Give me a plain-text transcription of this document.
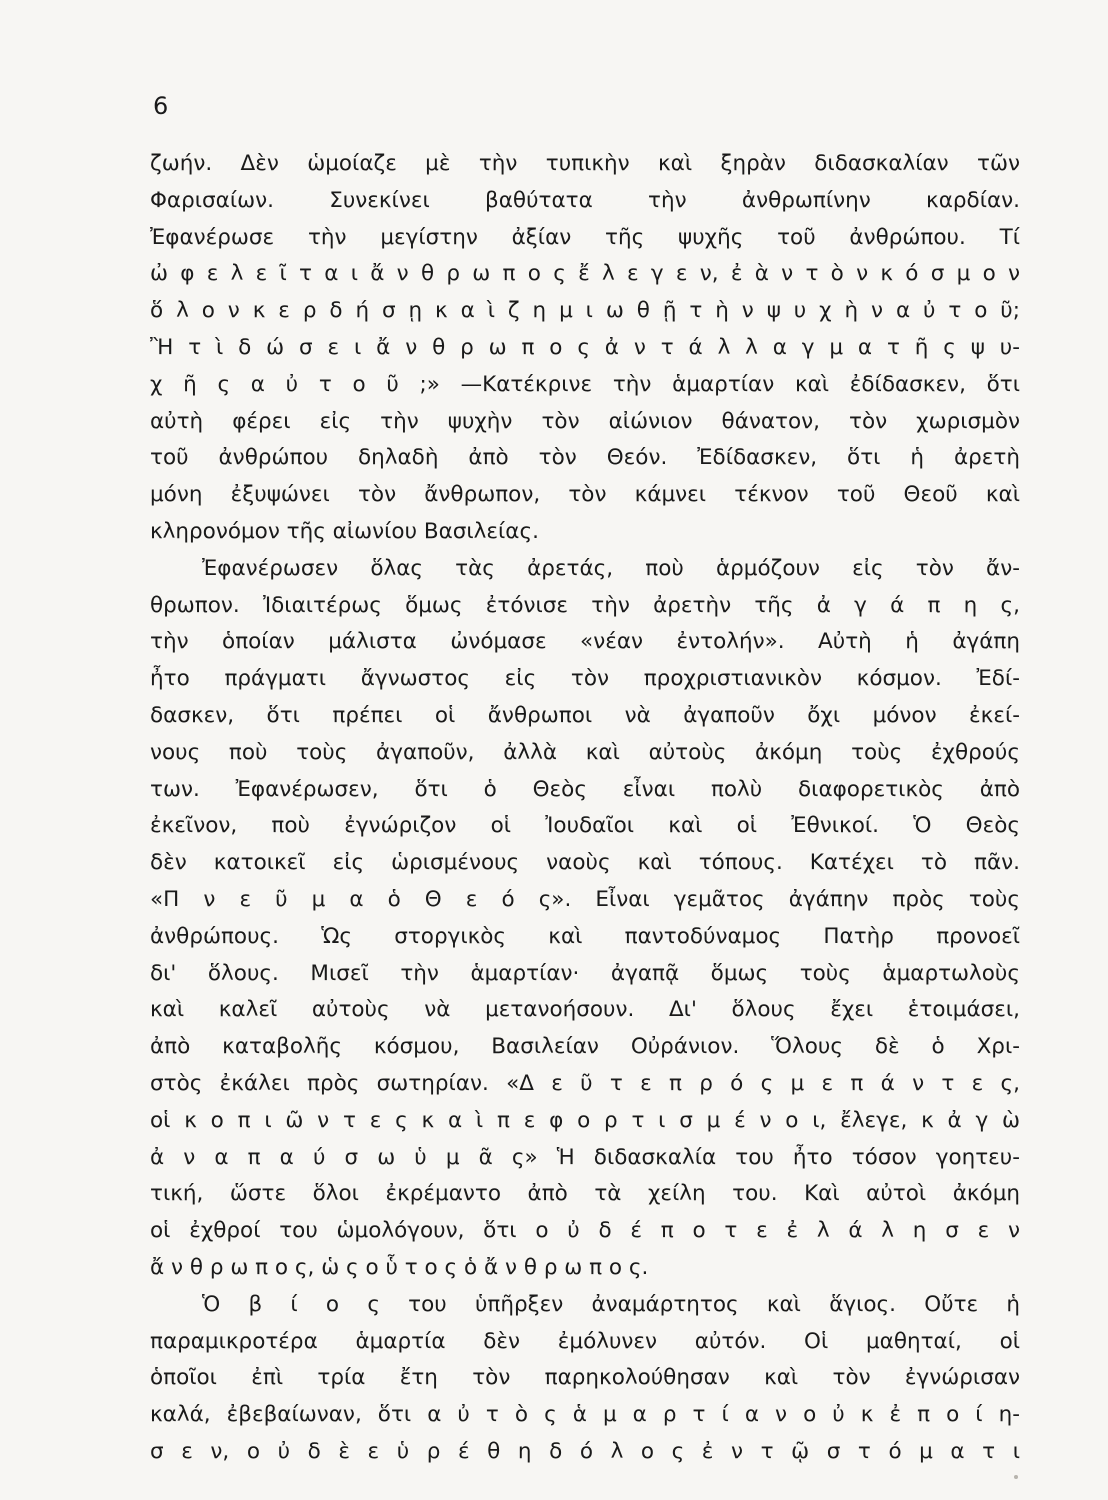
6
ζωήν. Δὲν ὡμοίαζε μὲ τὴν τυπικὴν καὶ ξηρὰν διδασκαλίαν τῶν
Φαρισαίων. Συνεκίνει βαθύτατα τὴν ἀνθρωπίνην καρδίαν.
Ἐφανέρωσε τὴν μεγίστην ἀξίαν τῆς ψυχῆς τοῦ ἀνθρώπου. Τί
ὠ φ ε λ ε ῖ τ α ι ἄ ν θ ρ ω π ο ς ἔ λ ε γ ε ν, ἐ ὰ ν τ ὸ ν κ ό σ μ ο ν
ὅ λ ο ν κ ε ρ δ ή σ ῃ κ α ὶ ζ η μ ι ω θ ῇ τ ὴ ν ψ υ χ ὴ ν α ὐ τ ο ῦ;
Ἢ τ ὶ δ ώ σ ε ι ἄ ν θ ρ ω π ο ς ἀ ν τ ά λ λ α γ μ α τ ῆ ς ψ υ-
χ ῆ ς α ὐ τ ο ῦ ;» —Κατέκρινε τὴν ἁμαρτίαν καὶ ἐδίδασκεν, ὅτι
αὐτὴ φέρει εἰς τὴν ψυχὴν τὸν αἰώνιον θάνατον, τὸν χωρισμὸν
τοῦ ἀνθρώπου δηλαδὴ ἀπὸ τὸν Θεόν. Ἐδίδασκεν, ὅτι ἡ ἀρετὴ
μόνη ἐξυψώνει τὸν ἄνθρωπον, τὸν κάμνει τέκνον τοῦ Θεοῦ καὶ
κληρονόμον τῆς αἰωνίου Βασιλείας.
Ἐφανέρωσεν ὅλας τὰς ἀρετάς, ποὺ ἁρμόζουν εἰς τὸν ἄν-
θρωπον. Ἰδιαιτέρως ὅμως ἐτόνισε τὴν ἀρετὴν τῆς ἀ γ ά π η ς,
τὴν ὁποίαν μάλιστα ὠνόμασε «νέαν ἐντολήν». Αὐτὴ ἡ ἀγάπη
ἦτο πράγματι ἄγνωστος εἰς τὸν προχριστιανικὸν κόσμον. Ἐδί-
δασκεν, ὅτι πρέπει οἱ ἄνθρωποι νὰ ἀγαποῦν ὄχι μόνον ἐκεί-
νους ποὺ τοὺς ἀγαποῦν, ἀλλὰ καὶ αὐτοὺς ἀκόμη τοὺς ἐχθρούς
των. Ἐφανέρωσεν, ὅτι ὁ Θεὸς εἶναι πολὺ διαφορετικὸς ἀπὸ
ἐκεῖνον, ποὺ ἐγνώριζον οἱ Ἰουδαῖοι καὶ οἱ Ἐθνικοί. Ὁ Θεὸς
δὲν κατοικεῖ εἰς ὡρισμένους ναοὺς καὶ τόπους. Κατέχει τὸ πᾶν.
«Π ν ε ῦ μ α ὁ Θ ε ό ς». Εἶναι γεμᾶτος ἀγάπην πρὸς τοὺς
ἀνθρώπους. Ὡς στοργικὸς καὶ παντοδύναμος Πατὴρ προνοεῖ
δι' ὅλους. Μισεῖ τὴν ἁμαρτίαν· ἀγαπᾷ ὅμως τοὺς ἁμαρτωλοὺς
καὶ καλεῖ αὐτοὺς νὰ μετανοήσουν. Δι' ὅλους ἔχει ἑτοιμάσει,
ἀπὸ καταβολῆς κόσμου, Βασιλείαν Οὐράνιον. Ὅλους δὲ ὁ Χρι-
στὸς ἐκάλει πρὸς σωτηρίαν. «Δ ε ῦ τ ε π ρ ό ς μ ε π ά ν τ ε ς,
οἱ κ ο π ι ῶ ν τ ε ς κ α ὶ π ε φ ο ρ τ ι σ μ έ ν ο ι, ἔλεγε, κ ἀ γ ὼ
ἀ ν α π α ύ σ ω ὑ μ ᾶ ς» Ἡ διδασκαλία του ἦτο τόσον γοητευ-
τική, ὥστε ὅλοι ἐκρέμαντο ἀπὸ τὰ χείλη του. Καὶ αὐτοὶ ἀκόμη
οἱ ἐχθροί του ὡμολόγουν, ὅτι ο ὐ δ έ π ο τ ε ἐ λ ά λ η σ ε ν
ἄ ν θ ρ ω π ο ς, ὡ ς ο ὗ τ ο ς ὁ ἄ ν θ ρ ω π ο ς.
Ὁ β ί ο ς του ὑπῆρξεν ἀναμάρτητος καὶ ἅγιος. Οὔτε ἡ
παραμικροτέρα ἁμαρτία δὲν ἐμόλυνεν αὐτόν. Οἱ μαθηταί, οἱ
ὁποῖοι ἐπὶ τρία ἔτη τὸν παρηκολούθησαν καὶ τὸν ἐγνώρισαν
καλά, ἐβεβαίωναν, ὅτι α ὐ τ ὸ ς ἁ μ α ρ τ ί α ν ο ὐ κ ἐ π ο ί η-
σ ε ν, ο ὐ δ ὲ ε ὑ ρ έ θ η δ ό λ ο ς ἐ ν τ ῷ σ τ ό μ α τ ι
